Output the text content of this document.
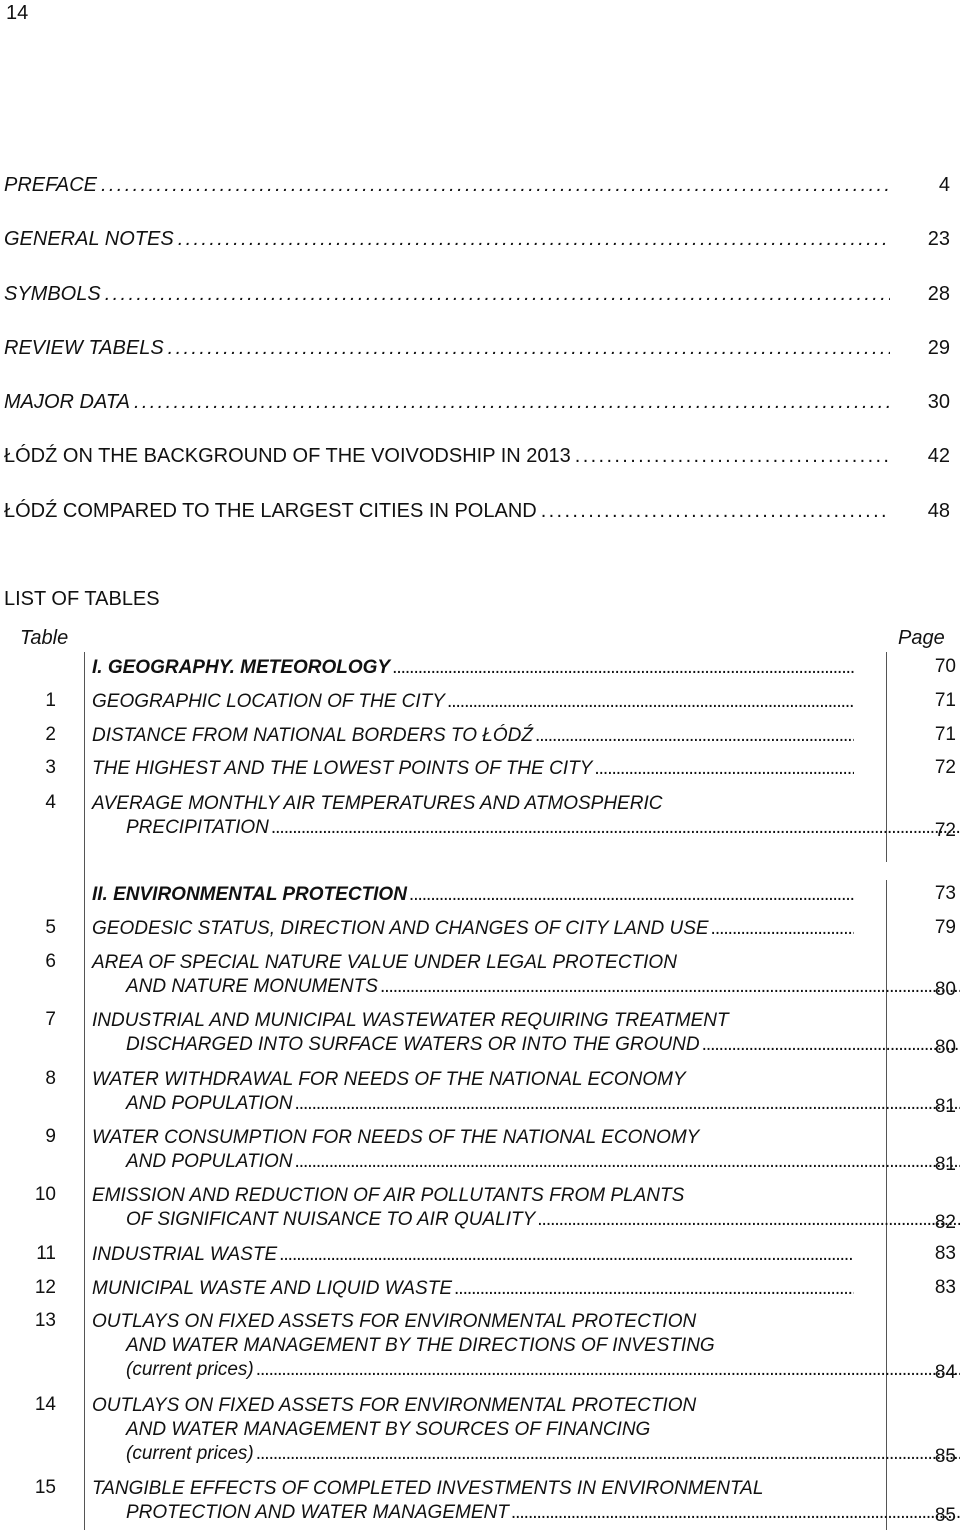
14
PREFACE . . .	4
GENERAL NOTES . . .	23
SYMBOLS . . .	28
REVIEW TABELS . . .	29
MAJOR DATA . . .	30
ŁÓDŹ ON THE BACKGROUND OF THE VOIVODSHIP IN 2013 . . .	42
ŁÓDŹ COMPARED TO THE LARGEST CITIES IN POLAND . . .	48
LIST OF TABLES
Table	Page
I. GEOGRAPHY. METEOROLOGY .....	70
1 GEOGRAPHIC LOCATION OF THE CITY .....	71
2 DISTANCE FROM NATIONAL BORDERS TO ŁÓDŹ .....	71
3 THE HIGHEST AND THE LOWEST POINTS OF THE CITY .....	72
4 AVERAGE MONTHLY AIR TEMPERATURES AND ATMOSPHERIC
PRECIPITATION .....	72
II. ENVIRONMENTAL PROTECTION .....	73
5 GEODESIC STATUS, DIRECTION AND CHANGES OF CITY LAND USE .....	79
6 AREA OF SPECIAL NATURE VALUE UNDER LEGAL PROTECTION
AND NATURE MONUMENTS .....	80
7 INDUSTRIAL AND MUNICIPAL WASTEWATER REQUIRING TREATMENT
DISCHARGED INTO SURFACE WATERS OR INTO THE GROUND .....	80
8 WATER WITHDRAWAL FOR NEEDS OF THE NATIONAL ECONOMY
AND POPULATION .....	81
9 WATER CONSUMPTION FOR NEEDS OF THE NATIONAL ECONOMY
AND POPULATION .....	81
10 EMISSION AND REDUCTION OF AIR POLLUTANTS FROM PLANTS
OF SIGNIFICANT NUISANCE TO AIR QUALITY .....	82
11 INDUSTRIAL WASTE .....	83
12 MUNICIPAL WASTE AND LIQUID WASTE .....	83
13 OUTLAYS ON FIXED ASSETS FOR ENVIRONMENTAL PROTECTION
AND WATER MANAGEMENT BY THE DIRECTIONS OF INVESTING
(current prices) .....	84
14 OUTLAYS ON FIXED ASSETS FOR ENVIRONMENTAL PROTECTION
AND WATER MANAGEMENT BY SOURCES OF FINANCING
(current prices) .....	85
15 TANGIBLE EFFECTS OF COMPLETED INVESTMENTS IN ENVIRONMENTAL
PROTECTION AND WATER MANAGEMENT .....	85
